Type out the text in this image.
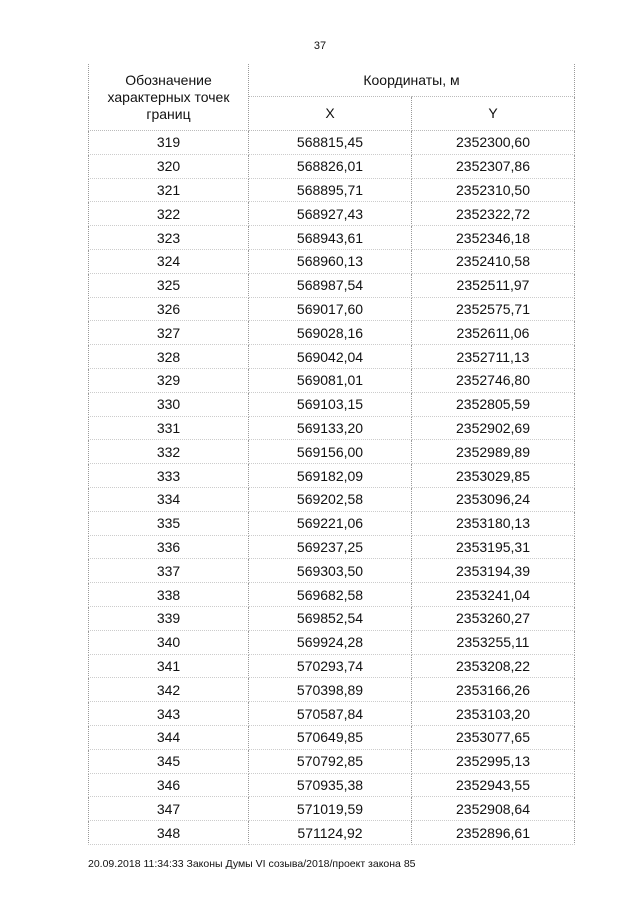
37
Обозначение характерных точек границ	Координаты, м	
	X	Y
319	568815,45	2352300,60
320	568826,01	2352307,86
321	568895,71	2352310,50
322	568927,43	2352322,72
323	568943,61	2352346,18
324	568960,13	2352410,58
325	568987,54	2352511,97
326	569017,60	2352575,71
327	569028,16	2352611,06
328	569042,04	2352711,13
329	569081,01	2352746,80
330	569103,15	2352805,59
331	569133,20	2352902,69
332	569156,00	2352989,89
333	569182,09	2353029,85
334	569202,58	2353096,24
335	569221,06	2353180,13
336	569237,25	2353195,31
337	569303,50	2353194,39
338	569682,58	2353241,04
339	569852,54	2353260,27
340	569924,28	2353255,11
341	570293,74	2353208,22
342	570398,89	2353166,26
343	570587,84	2353103,20
344	570649,85	2353077,65
345	570792,85	2352995,13
346	570935,38	2352943,55
347	571019,59	2352908,64
348	571124,92	2352896,61
20.09.2018 11:34:33 Законы Думы VI созыва/2018/проект закона 85
